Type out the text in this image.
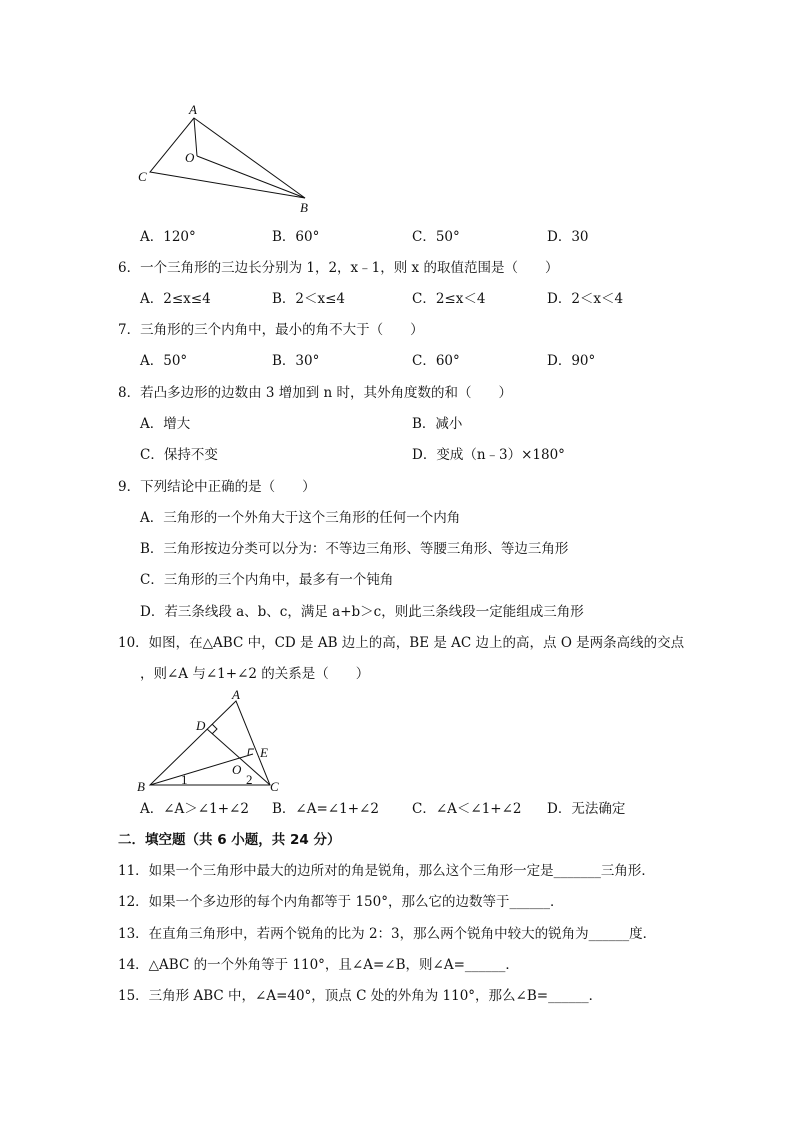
A
O
C
B
A．120°	B．60°	C．50°	D．30
6．一个三角形的三边长分别为 1，2，x﹣1，则 x 的取值范围是（　　）
A．2≤x≤4	B．2＜x≤4	C．2≤x＜4	D．2＜x＜4
7．三角形的三个内角中，最小的角不大于（　　）
A．50°	B．30°	C．60°	D．90°
8．若凸多边形的边数由 3 增加到 n 时，其外角度数的和（　　）
A．增大	B．减小
C．保持不变	D．变成（n﹣3）×180°
9．下列结论中正确的是（　　）
A．三角形的一个外角大于这个三角形的任何一个内角
B．三角形按边分类可以分为：不等边三角形、等腰三角形、等边三角形
C．三角形的三个内角中，最多有一个钝角
D．若三条线段 a、b、c，满足 a+b＞c，则此三条线段一定能组成三角形
10．如图，在△ABC 中，CD 是 AB 边上的高，BE 是 AC 边上的高，点 O 是两条高线的交点
，则∠A 与∠1+∠2 的关系是（　　）
A
D
E
O
B	C
1	2
A．∠A＞∠1+∠2 B．∠A=∠1+∠2 C．∠A＜∠1+∠2 D．无法确定
二．填空题（共 6 小题，共 24 分）
11．如果一个三角形中最大的边所对的角是锐角，那么这个三角形一定是_______三角形．
12．如果一个多边形的每个内角都等于 150°，那么它的边数等于______．
13．在直角三角形中，若两个锐角的比为 2：3，那么两个锐角中较大的锐角为______度．
14．△ABC 的一个外角等于 110°，且∠A=∠B，则∠A=______．
15．三角形 ABC 中，∠A=40°，顶点 C 处的外角为 110°，那么∠B=______．
